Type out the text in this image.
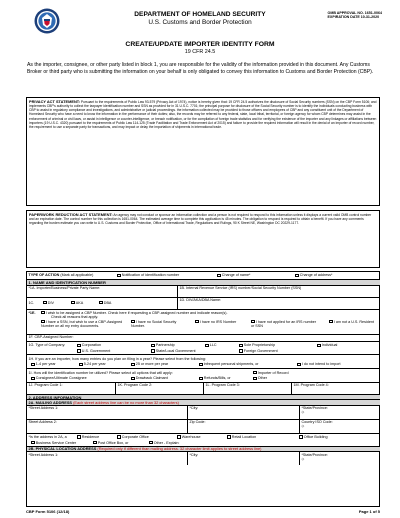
DEPARTMENT OF HOMELAND SECURITY
U.S. Customs and Border Protection
OMB APPROVAL NO. 1651-0064
EXPIRATION DATE 10-31-2020
CREATE/UPDATE IMPORTER IDENTITY FORM
19 CFR 24.5
As the importer, consignee, or other party listed in block 1, you are responsible for the validity of the information provided in this document. Any Customs Broker or third party who is submitting the information on your behalf is only obligated to convey this information to Customs and Border Protection (CBP).
PRIVACY ACT STATEMENT: Pursuant to the requirements of Public Law 93-579 (Privacy Act of 1974), notice is hereby given that: 19 CFR 24.5 authorizes the disclosure of Social Security numbers (SSN) on the CBP Form 5106; and implements CBP's authority to collect the taxpayer identification number and SSN as provided for in 31 U.S.C. 7701; the principal purpose for disclosure of the Social Security number is to identify the individuals conducting business with CBP to assist in regulatory compliance and investigations, and administrative or judicial proceedings. the information collected may be provided to those officers and employees of CBP and any constituent unit of the Department of Homeland Security who have a need to know the information in the performance of their duties; also, the records may be referred to any federal, state, local tribal, territorial, or foreign agency for whom CBP determines may assist in the enforcement of criminal or civil laws, or assist in intelligence or counter-intelligence, or breach notification, or for the compilation of foreign trade statistics and for verifying the existence of the importer and any linkages or affiliations between importers (19 U.S.C. 4320) pursuant to the requirements of Public Law 114-125 (Trade Facilitation and Trade Enforcement Act of 2015) and failure to provide the required information will result in the denial of an importer of record number, the requirement to use a separate party for transactions, and may impact or delay the importation of shipments in international trade.
PAPERWORK REDUCTION ACT STATEMENT: An agency may not conduct or sponsor an information collection and a person is not required to respond to this information unless it displays a current valid OMB control number and an expiration date. The control number for this collection is 1651-0064. The estimated average time to complete this application is 45 minutes. The obligation to respond is required to obtain a benefit. If you have any comments regarding the burden estimate you can write to U.S. Customs and Border Protection, Office of International Trade, Regulations and Rulings, 90 K Street NE, Washington DC 20229-1177.
TYPE OF ACTION (Mark all applicable)	Notification of identification number	Change of name*	Change of address*
1. NAME AND IDENTIFICATION NUMBER
*1A. Importer/Business/Private Party Name:	1B. Internal Revenue Service (IRS) number/Social Security Number (SSN)
1C.	DIV	AKA	DBA
1D. DIV/AKA/DBA Name:
*1E.	I wish to be assigned a CBP Number. Check here if requesting a CBP-assigned number and indicate reason(s).
Check all reasons that apply.
I have a SSN, but wish to use a CBP-Assigned Number on all my entry documents.
I have no Social Security Number.
I have no IRS Number	I have not applied for an IRS number or SSN
I am not a U.S. Resident
1F. CBP-Assigned Number:
1G. Type of Company:	Corporation	Partnership	LLC	Sole Proprietorship	Individual
U.S. Government	State/Local Government	Foreign Government
1H. If you are an importer, how many entries do you plan on filing in a year? Please select from the following:
1-4 per year	5-24 per year	25 or more per year	infrequent personal shipments, or	I do not intend to import
1I. How will the identification number be utilized? Please select all options that will apply:	Importer of Record
Consignee/Ultimate Consignee	Drawback Claimant	Refunds/Bills, or	Other
1J. Program Code 1:	1K. Program Code 2:	1L. Program Code 3:	1M. Program Code 4:
2. ADDRESS INFORMATION
2A. MAILING ADDRESS (Each street address line can be no more than 32 characters)
*Street Address 1:	*City:	*State/Province:
◇
Street Address 2:	Zip Code:	Country ISO Code:
◇
*Is the address in 2A, a	Residence	Corporate Office	Warehouse	Retail Location	Office Building
Business Service Center	Post Office Box, or	Other - Explain:
2B. PHYSICAL LOCATION ADDRESS (Required only if different than mailing address. 32 character limit applies to street address line)
*Street Address 1:	*City:	*State/Province:
◇
CBP Form 5106 (12/18)	Page 1 of 5
